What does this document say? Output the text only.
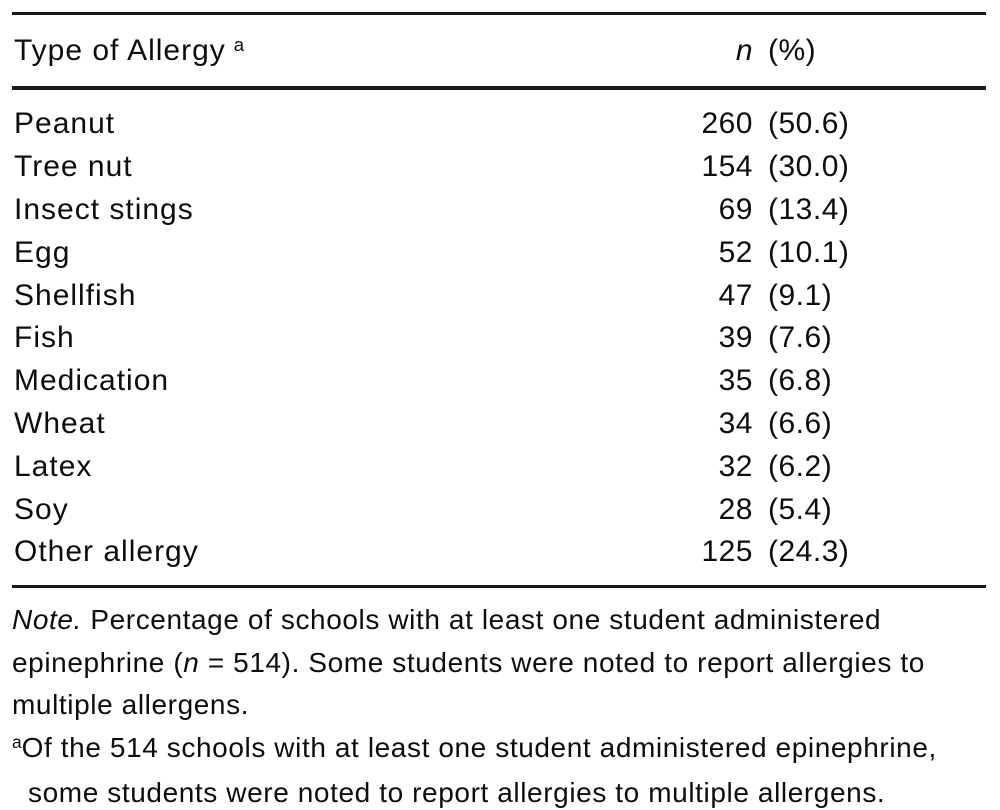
Type of Allergy $^a$	n (%)
Peanut	260 (50.6)
Tree nut	154 (30.0)
Insect stings	69 (13.4)
Egg	52 (10.1)
Shellfish	47 (9.1)
Fish	39 (7.6)
Medication	35 (6.8)
Wheat	34 (6.6)
Latex	32 (6.2)
Soy	28 (5.4)
Other allergy	125 (24.3)
Note. Percentage of schools with at least one student administered
epinephrine (n = 514). Some students were noted to report allergies to
multiple allergens.
$^a$Of the 514 schools with at least one student administered epinephrine,
some students were noted to report allergies to multiple allergens.
